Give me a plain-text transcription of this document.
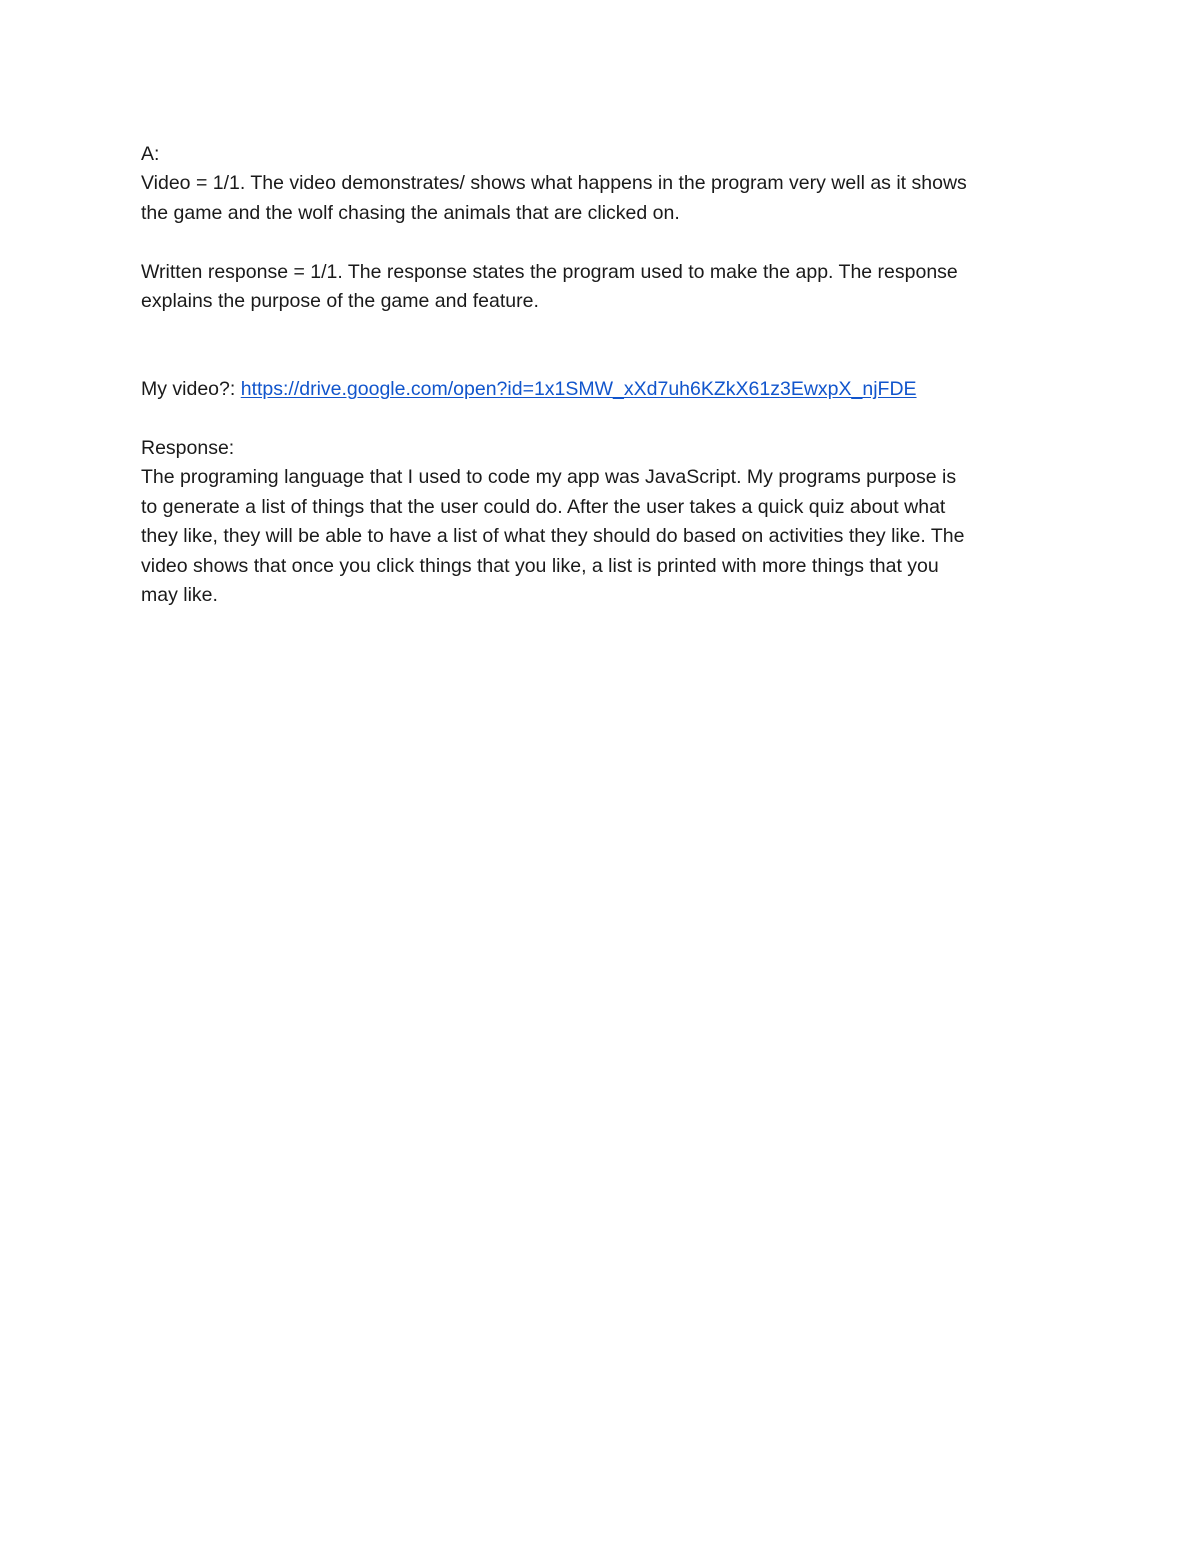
A:
Video = 1/1. The video demonstrates/ shows what happens in the program very well as it shows
the game and the wolf chasing the animals that are clicked on.
Written response = 1/1. The response states the program used to make the app. The response
explains the purpose of the game and feature.
My video?: https://drive.google.com/open?id=1x1SMW_xXd7uh6KZkX61z3EwxpX_njFDE
Response:
The programing language that I used to code my app was JavaScript. My programs purpose is
to generate a list of things that the user could do. After the user takes a quick quiz about what
they like, they will be able to have a list of what they should do based on activities they like. The
video shows that once you click things that you like, a list is printed with more things that you
may like.
